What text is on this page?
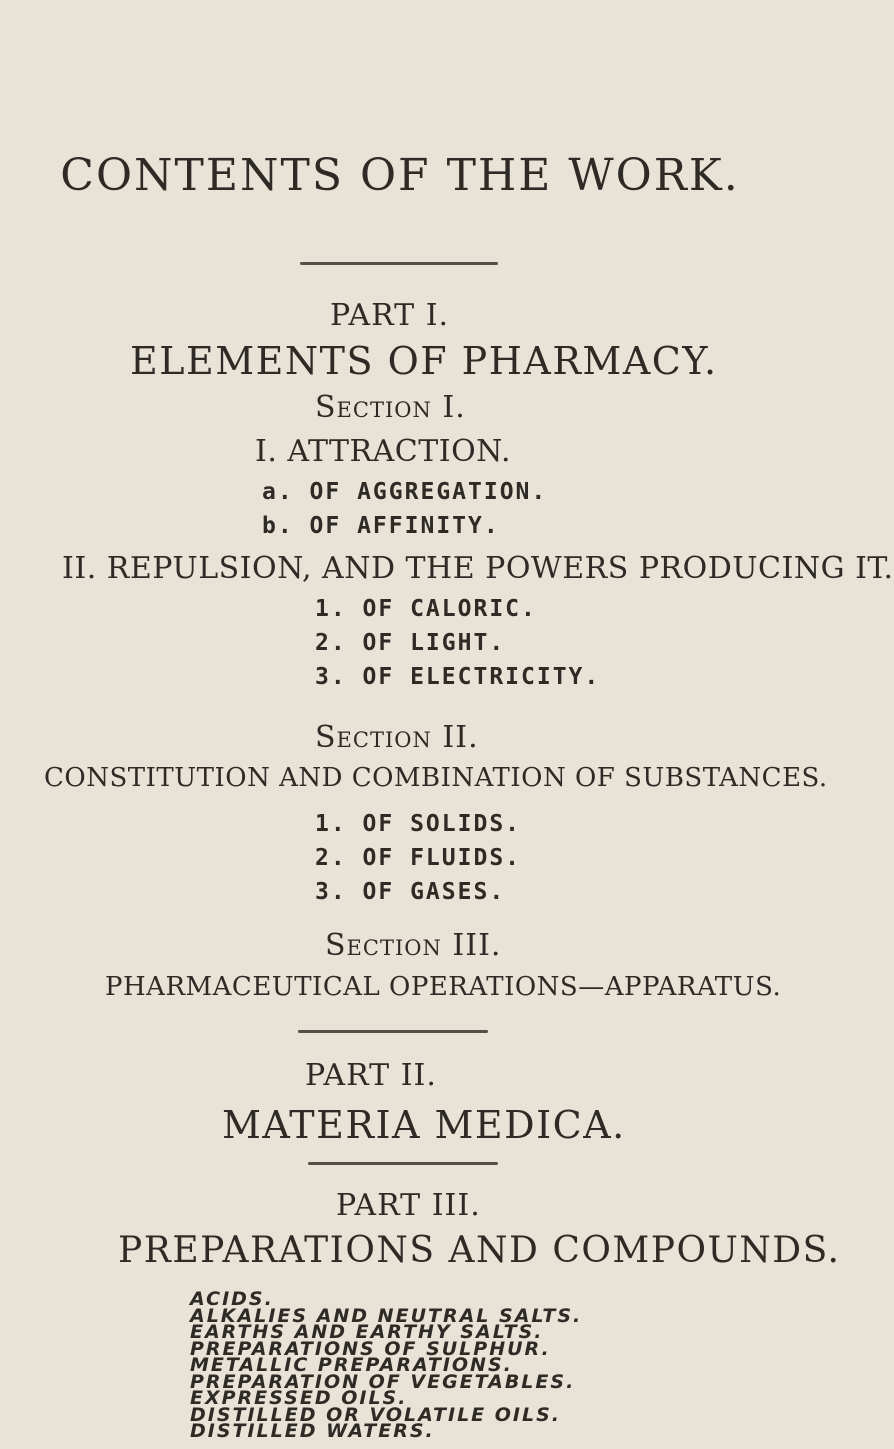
CONTENTS OF THE WORK.
PART I.
ELEMENTS OF PHARMACY.
Section I.
I. ATTRACTION.
a. OF AGGREGATION.
b. OF AFFINITY.
II. REPULSION, AND THE POWERS PRODUCING IT.
1. OF CALORIC.
2. OF LIGHT.
3. OF ELECTRICITY.
Section II.
CONSTITUTION AND COMBINATION OF SUBSTANCES.
1. OF SOLIDS.
2. OF FLUIDS.
3. OF GASES.
Section III.
PHARMACEUTICAL OPERATIONS—APPARATUS.
PART II.
MATERIA MEDICA.
PART III.
PREPARATIONS AND COMPOUNDS.
ACIDS.
ALKALIES AND NEUTRAL SALTS.
EARTHS AND EARTHY SALTS.
PREPARATIONS OF SULPHUR.
METALLIC PREPARATIONS.
PREPARATION OF VEGETABLES.
EXPRESSED OILS.
DISTILLED OR VOLATILE OILS.
DISTILLED WATERS.
